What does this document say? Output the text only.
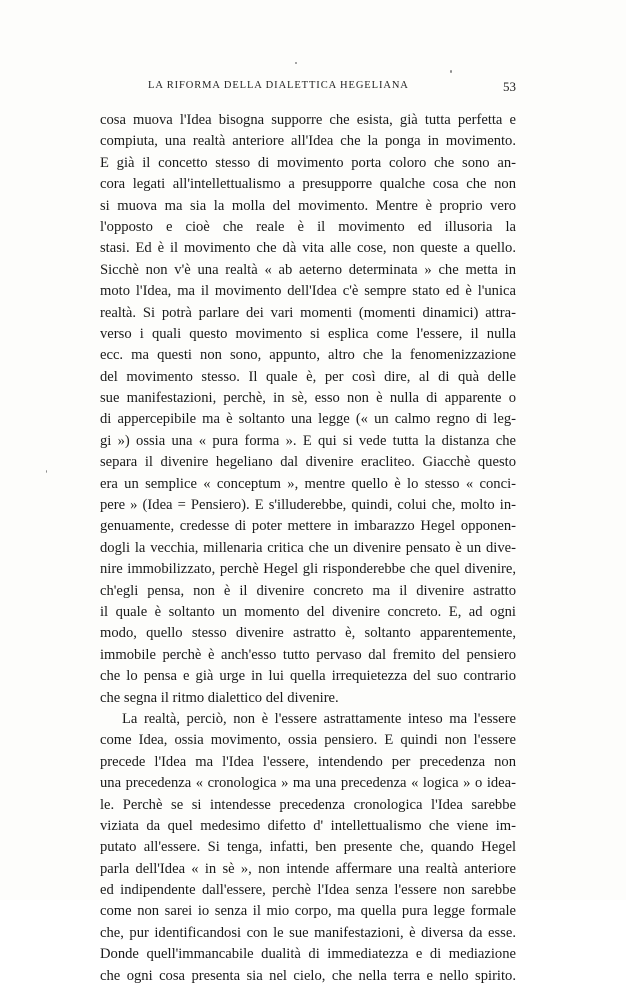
LA RIFORMA DELLA DIALETTICA HEGELIANA	53
cosa muova l'Idea bisogna supporre che esista, già tutta perfetta e
compiuta, una realtà anteriore all'Idea che la ponga in movimento.
E già il concetto stesso di movimento porta coloro che sono an-
cora legati all'intellettualismo a presupporre qualche cosa che non
si muova ma sia la molla del movimento. Mentre è proprio vero
l'opposto e cioè che reale è il movimento ed illusoria la
stasi. Ed è il movimento che dà vita alle cose, non queste a quello.
Sicchè non v'è una realtà « ab aeterno determinata » che metta in
moto l'Idea, ma il movimento dell'Idea c'è sempre stato ed è l'unica
realtà. Si potrà parlare dei vari momenti (momenti dinamici) attra-
verso i quali questo movimento si esplica come l'essere, il nulla
ecc. ma questi non sono, appunto, altro che la fenomenizzazione
del movimento stesso. Il quale è, per così dire, al di quà delle
sue manifestazioni, perchè, in sè, esso non è nulla di apparente o
di appercepibile ma è soltanto una legge (« un calmo regno di leg-
gi ») ossia una « pura forma ». E qui si vede tutta la distanza che
separa il divenire hegeliano dal divenire eracliteo. Giacchè questo
era un semplice « conceptum », mentre quello è lo stesso « conci-
pere » (Idea = Pensiero). E s'illuderebbe, quindi, colui che, molto in-
genuamente, credesse di poter mettere in imbarazzo Hegel opponen-
dogli la vecchia, millenaria critica che un divenire pensato è un dive-
nire immobilizzato, perchè Hegel gli risponderebbe che quel divenire,
ch'egli pensa, non è il divenire concreto ma il divenire astratto
il quale è soltanto un momento del divenire concreto. E, ad ogni
modo, quello stesso divenire astratto è, soltanto apparentemente,
immobile perchè è anch'esso tutto pervaso dal fremito del pensiero
che lo pensa e già urge in lui quella irrequietezza del suo contrario
che segna il ritmo dialettico del divenire.
La realtà, perciò, non è l'essere astrattamente inteso ma l'essere
come Idea, ossia movimento, ossia pensiero. E quindi non l'essere
precede l'Idea ma l'Idea l'essere, intendendo per precedenza non
una precedenza « cronologica » ma una precedenza « logica » o idea-
le. Perchè se si intendesse precedenza cronologica l'Idea sarebbe
viziata da quel medesimo difetto d' intellettualismo che viene im-
putato all'essere. Si tenga, infatti, ben presente che, quando Hegel
parla dell'Idea « in sè », non intende affermare una realtà anteriore
ed indipendente dall'essere, perchè l'Idea senza l'essere non sarebbe
come non sarei io senza il mio corpo, ma quella pura legge formale
che, pur identificandosi con le sue manifestazioni, è diversa da esse.
Donde quell'immancabile dualità di immediatezza e di mediazione
che ogni cosa presenta sia nel cielo, che nella terra e nello spirito.
